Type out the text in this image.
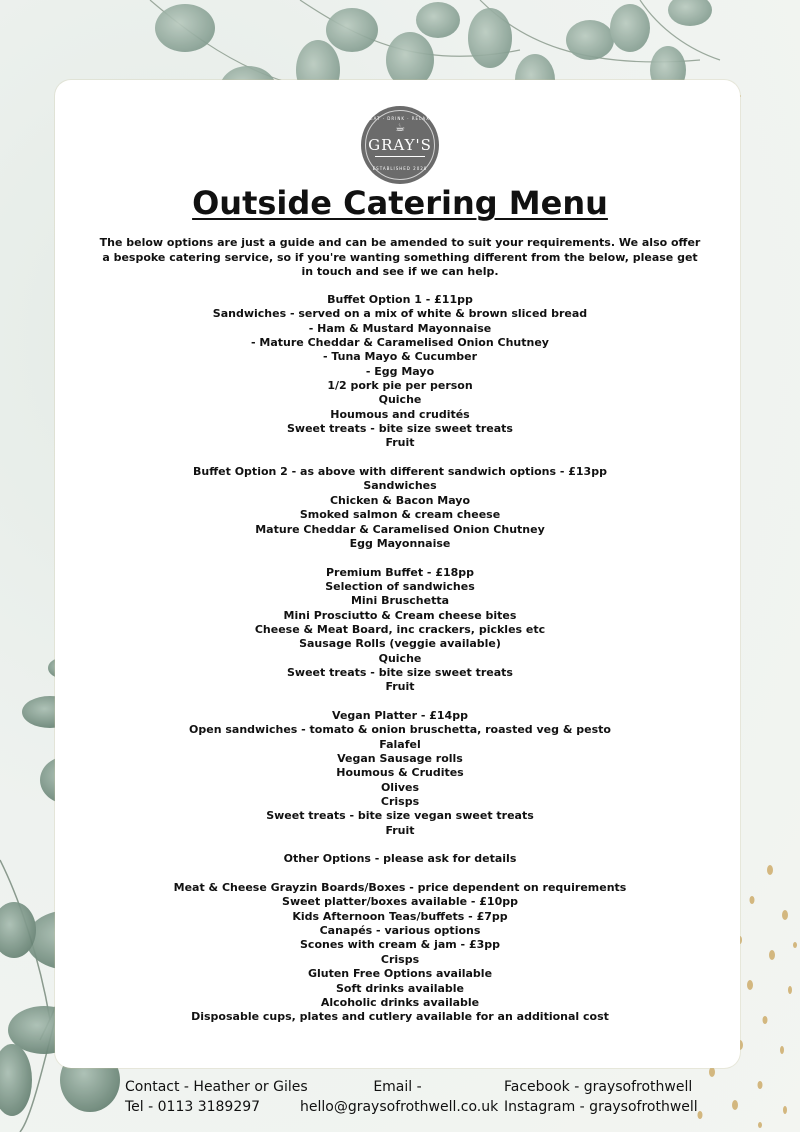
EAT · DRINK · RELAX
☕
GRAY'S
ESTABLISHED 2020
Outside Catering Menu
The below options are just a guide and can be amended to suit your requirements. We also offer a bespoke catering service, so if you're wanting something different from the below, please get in touch and see if we can help.
Buffet Option 1 - £11pp
Sandwiches - served on a mix of white & brown sliced bread
- Ham & Mustard Mayonnaise
- Mature Cheddar & Caramelised Onion Chutney
- Tuna Mayo & Cucumber
- Egg Mayo
1/2 pork pie per person
Quiche
Houmous and crudités
Sweet treats - bite size sweet treats
Fruit
Buffet Option 2 - as above with different sandwich options - £13pp
Sandwiches
Chicken & Bacon Mayo
Smoked salmon & cream cheese
Mature Cheddar & Caramelised Onion Chutney
Egg Mayonnaise
Premium Buffet - £18pp
Selection of sandwiches
Mini Bruschetta
Mini Prosciutto & Cream cheese bites
Cheese & Meat Board, inc crackers, pickles etc
Sausage Rolls (veggie available)
Quiche
Sweet treats - bite size sweet treats
Fruit
Vegan Platter - £14pp
Open sandwiches - tomato & onion bruschetta, roasted veg & pesto
Falafel
Vegan Sausage rolls
Houmous & Crudites
Olives
Crisps
Sweet treats - bite size vegan sweet treats
Fruit
Other Options - please ask for details
Meat & Cheese Grayzin Boards/Boxes - price dependent on requirements
Sweet platter/boxes available - £10pp
Kids Afternoon Teas/buffets - £7pp
Canapés - various options
Scones with cream & jam - £3pp
Crisps
Gluten Free Options available
Soft drinks available
Alcoholic drinks available
Disposable cups, plates and cutlery available for an additional cost
Contact - Heather or Giles
Tel - 0113 3189297
Email -
hello@graysofrothwell.co.uk
Facebook - graysofrothwell
Instagram - graysofrothwell
